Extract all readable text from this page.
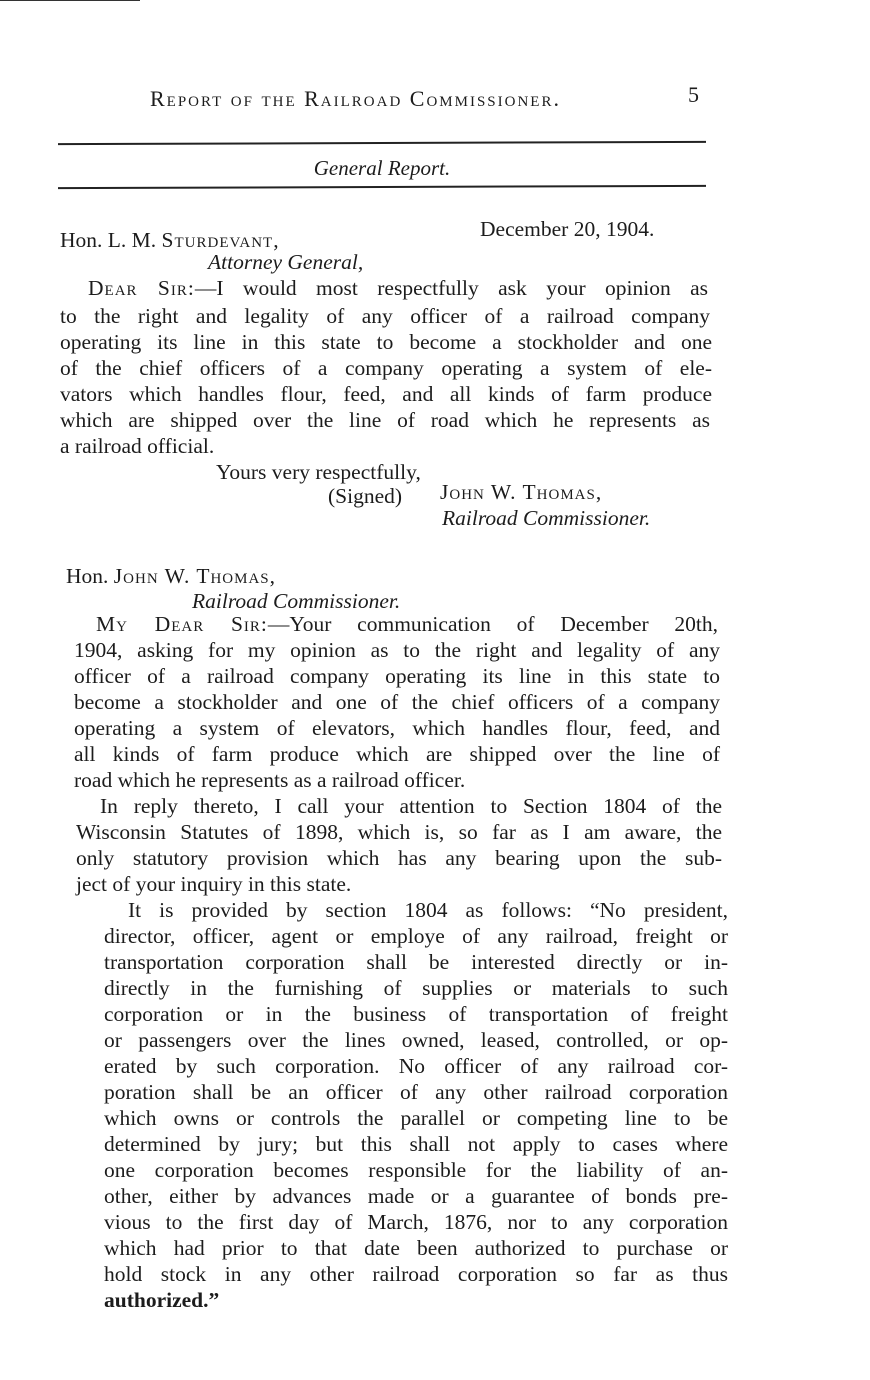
Report of the Railroad Commissioner.	5
General Report.
Hon. L. M. Sturdevant,	December 20, 1904.
Attorney General,
Dear Sir:—I would most respectfully ask your opinion as
to the right and legality of any officer of a railroad company
operating its line in this state to become a stockholder and one
of the chief officers of a company operating a system of ele-
vators which handles flour, feed, and all kinds of farm produce
which are shipped over the line of road which he represents as
a railroad official.
Yours very respectfully,
(Signed) John W. Thomas,
Railroad Commissioner.
Hon. John W. Thomas,
Railroad Commissioner.
My Dear Sir:—Your communication of December 20th,
1904, asking for my opinion as to the right and legality of any
officer of a railroad company operating its line in this state to
become a stockholder and one of the chief officers of a company
operating a system of elevators, which handles flour, feed, and
all kinds of farm produce which are shipped over the line of
road which he represents as a railroad officer.
In reply thereto, I call your attention to Section 1804 of the
Wisconsin Statutes of 1898, which is, so far as I am aware, the
only statutory provision which has any bearing upon the sub-
ject of your inquiry in this state.
It is provided by section 1804 as follows: “No president,
director, officer, agent or employe of any railroad, freight or
transportation corporation shall be interested directly or in-
directly in the furnishing of supplies or materials to such
corporation or in the business of transportation of freight
or passengers over the lines owned, leased, controlled, or op-
erated by such corporation. No officer of any railroad cor-
poration shall be an officer of any other railroad corporation
which owns or controls the parallel or competing line to be
determined by jury; but this shall not apply to cases where
one corporation becomes responsible for the liability of an-
other, either by advances made or a guarantee of bonds pre-
vious to the first day of March, 1876, nor to any corporation
which had prior to that date been authorized to purchase or
hold stock in any other railroad corporation so far as thus
authorized.”
